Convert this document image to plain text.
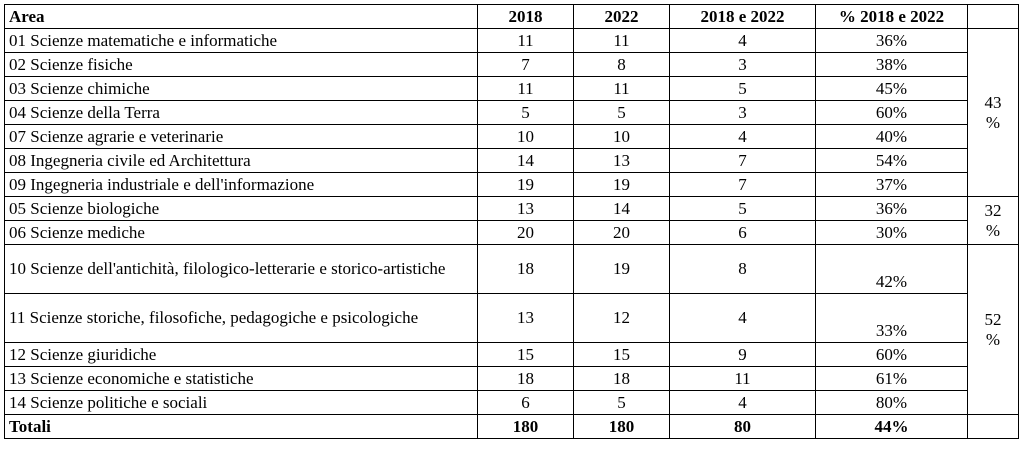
Area	2018	2022	2018 e 2022	% 2018 e 2022	
01 Scienze matematiche e informatiche	11	11	4	36%	43
%
02 Scienze fisiche	7	8	3	38%	
03 Scienze chimiche	11	11	5	45%	
04 Scienze della Terra	5	5	3	60%	
07 Scienze agrarie e veterinarie	10	10	4	40%	
08 Ingegneria civile ed Architettura	14	13	7	54%	
09 Ingegneria industriale e dell'informazione	19	19	7	37%	
05 Scienze biologiche	13	14	5	36%	32
%
06 Scienze mediche	20	20	6	30%	
10 Scienze dell'antichità, filologico-letterarie e storico-artistiche	18	19	8	42%	52
%
11 Scienze storiche, filosofiche, pedagogiche e psicologiche	13	12	4	33%	
12 Scienze giuridiche	15	15	9	60%	
13 Scienze economiche e statistiche	18	18	11	61%	
14 Scienze politiche e sociali	6	5	4	80%	
Totali	180	180	80	44%	
